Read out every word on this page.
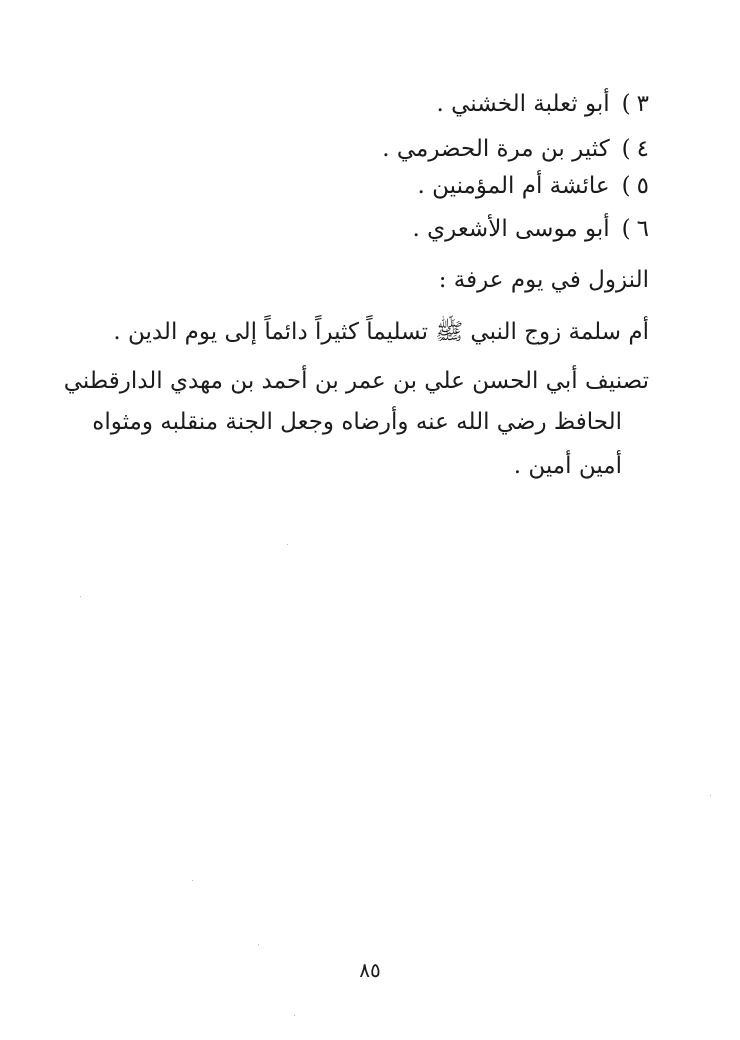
٣)أبو ثعلبة الخشني .
٤)كثير بن مرة الحضرمي .
٥)عائشة أم المؤمنين .
٦)أبو موسى الأشعري .
النزول في يوم عرفة :
أم سلمة زوج النبي ﷺ تسليماً كثيراً دائماً إلى يوم الدين .
تصنيف أبي الحسن علي بن عمر بن أحمد بن مهدي الدارقطني
الحافظ رضي الله عنه وأرضاه وجعل الجنة منقلبه ومثواه
أمين أمين .
٨٥
